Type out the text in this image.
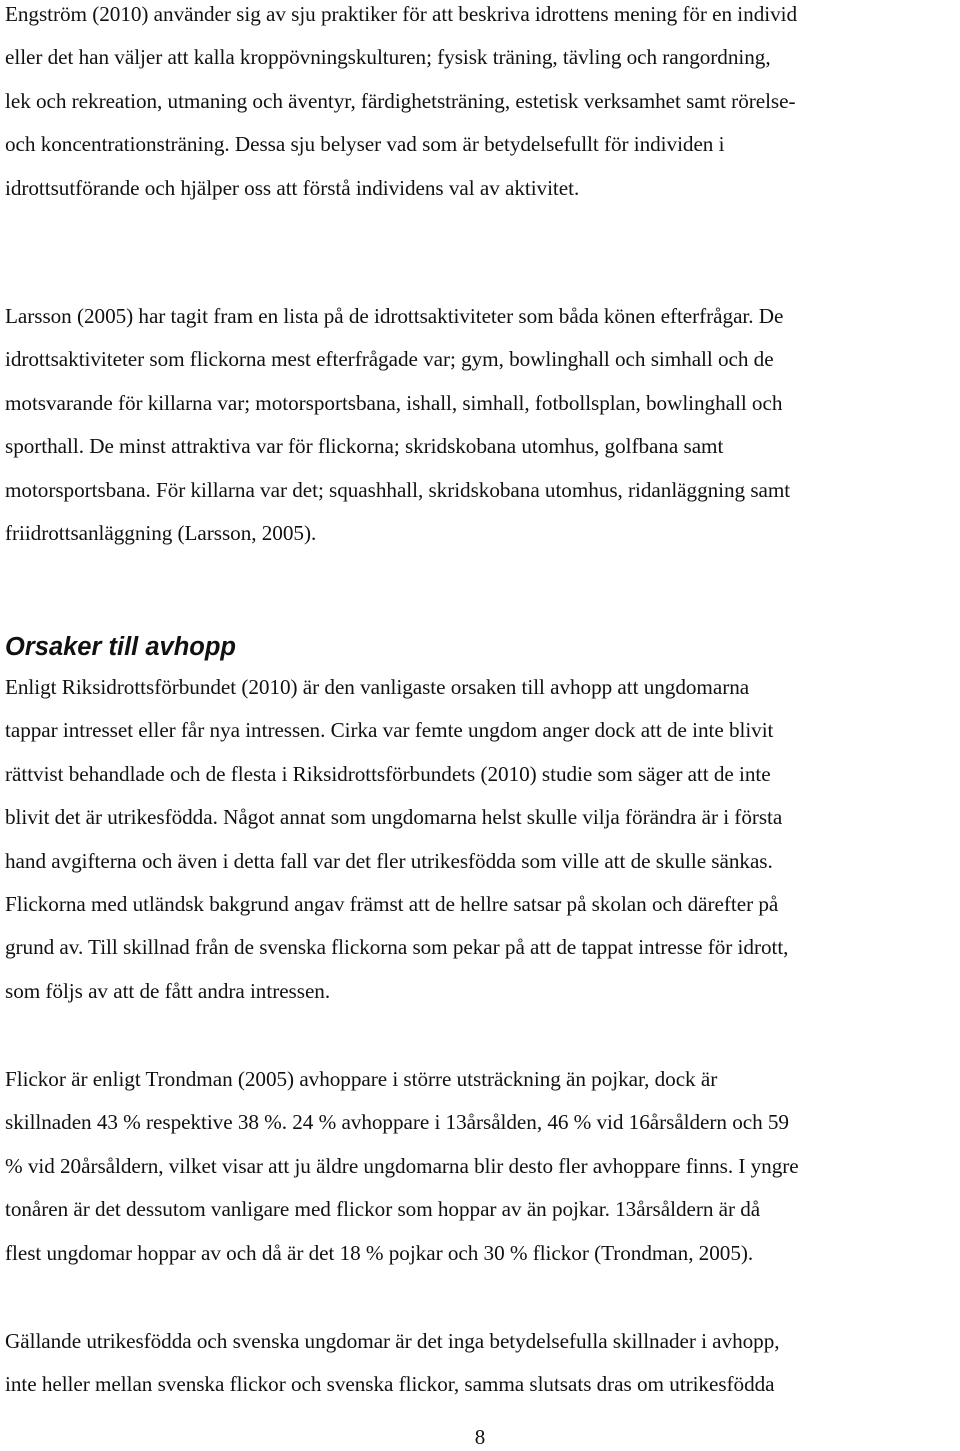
Engström (2010) använder sig av sju praktiker för att beskriva idrottens mening för en individ
eller det han väljer att kalla kroppövningskulturen; fysisk träning, tävling och rangordning,
lek och rekreation, utmaning och äventyr, färdighetsträning, estetisk verksamhet samt rörelse-
och koncentrationsträning. Dessa sju belyser vad som är betydelsefullt för individen i
idrottsutförande och hjälper oss att förstå individens val av aktivitet.

Larsson (2005) har tagit fram en lista på de idrottsaktiviteter som båda könen efterfrågar. De
idrottsaktiviteter som flickorna mest efterfrågade var; gym, bowlinghall och simhall och de
motsvarande för killarna var; motorsportsbana, ishall, simhall, fotbollsplan, bowlinghall och
sporthall. De minst attraktiva var för flickorna; skridskobana utomhus, golfbana samt
motorsportsbana. För killarna var det; squashhall, skridskobana utomhus, ridanläggning samt
friidrottsanläggning (Larsson, 2005).

Orsaker till avhopp

Enligt Riksidrottsförbundet (2010) är den vanligaste orsaken till avhopp att ungdomarna
tappar intresset eller får nya intressen. Cirka var femte ungdom anger dock att de inte blivit
rättvist behandlade och de flesta i Riksidrottsförbundets (2010) studie som säger att de inte
blivit det är utrikesfödda. Något annat som ungdomarna helst skulle vilja förändra är i första
hand avgifterna och även i detta fall var det fler utrikesfödda som ville att de skulle sänkas.
Flickorna med utländsk bakgrund angav främst att de hellre satsar på skolan och därefter på
grund av. Till skillnad från de svenska flickorna som pekar på att de tappat intresse för idrott,
som följs av att de fått andra intressen.

Flickor är enligt Trondman (2005) avhoppare i större utsträckning än pojkar, dock är
skillnaden 43 % respektive 38 %. 24 % avhoppare i 13årsålden, 46 % vid 16årsåldern och 59
% vid 20årsåldern, vilket visar att ju äldre ungdomarna blir desto fler avhoppare finns. I yngre
tonåren är det dessutom vanligare med flickor som hoppar av än pojkar. 13årsåldern är då
flest ungdomar hoppar av och då är det 18 % pojkar och 30 % flickor (Trondman, 2005).

Gällande utrikesfödda och svenska ungdomar är det inga betydelsefulla skillnader i avhopp,
inte heller mellan svenska flickor och svenska flickor, samma slutsats dras om utrikesfödda

8
